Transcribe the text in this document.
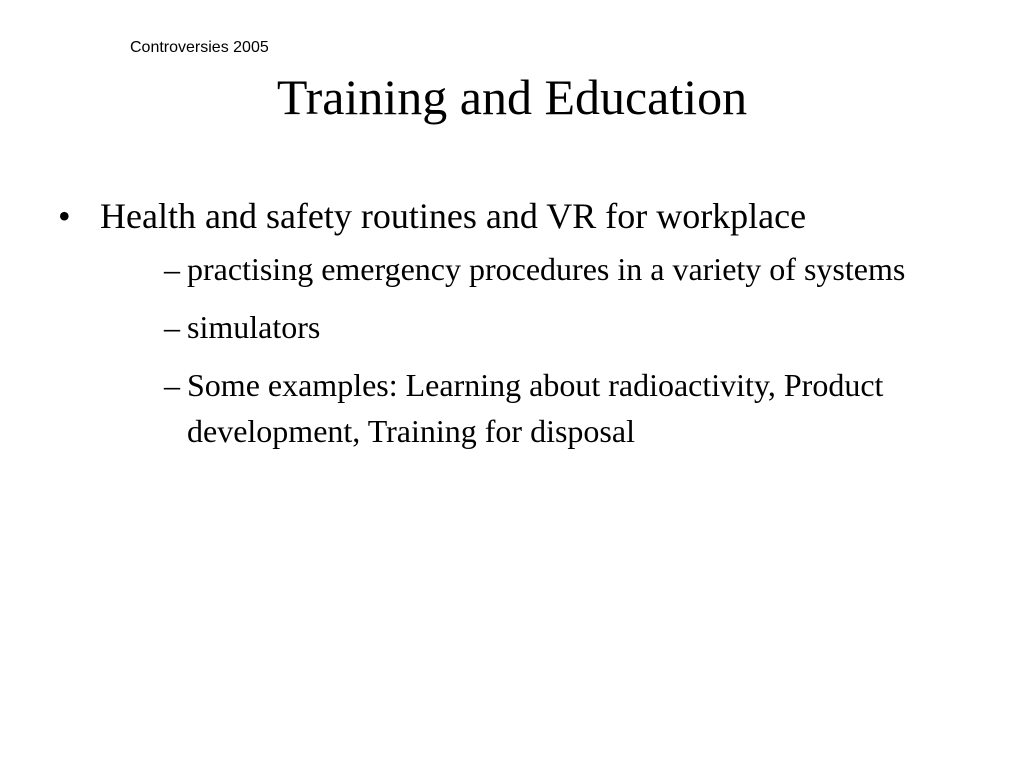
Controversies 2005
Training and Education
• Health and safety routines and VR for workplace
– practising emergency procedures in a variety of systems
– simulators
– Some examples: Learning about radioactivity, Product development, Training for disposal
